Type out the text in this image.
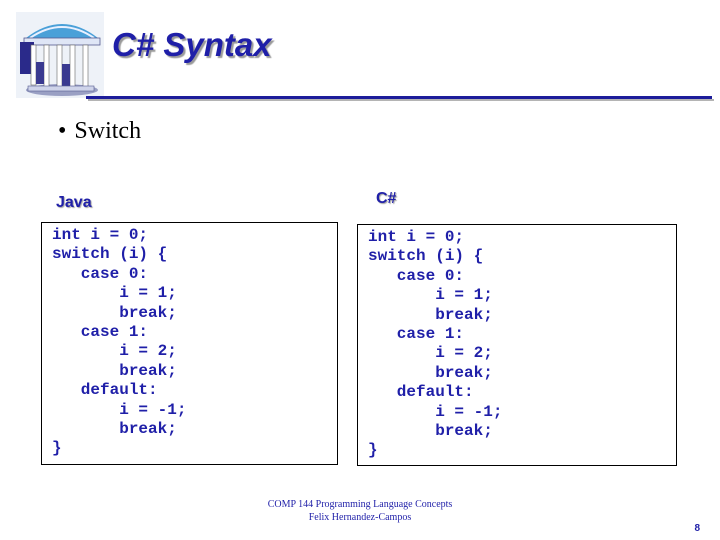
C# Syntax
• Switch
Java	C#
int i = 0;
switch (i) {
case 0:
i = 1;
break;
case 1:
i = 2;
break;
default:
i = -1;
break;
}
int i = 0;
switch (i) {
case 0:
i = 1;
break;
case 1:
i = 2;
break;
default:
i = -1;
break;
}
COMP 144 Programming Language Concepts
Felix Hernandez-Campos
8
